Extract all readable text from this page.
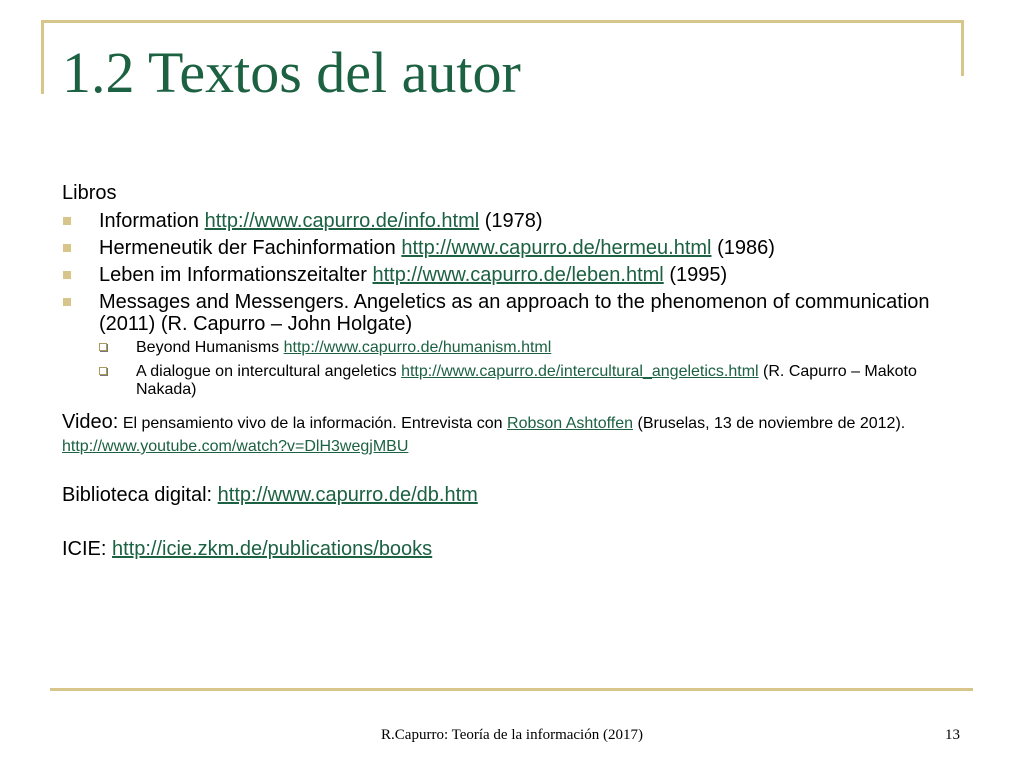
1.2 Textos del autor
Libros
Information http://www.capurro.de/info.html (1978)
Hermeneutik der Fachinformation http://www.capurro.de/hermeu.html (1986)
Leben im Informationszeitalter http://www.capurro.de/leben.html (1995)
Messages and Messengers. Angeletics as an approach to the phenomenon of communication (2011) (R. Capurro – John Holgate)
Beyond Humanisms http://www.capurro.de/humanism.html
A dialogue on intercultural angeletics http://www.capurro.de/intercultural_angeletics.html (R. Capurro – Makoto Nakada)
Video: El pensamiento vivo de la información. Entrevista con Robson Ashtoffen (Bruselas, 13 de noviembre de 2012).
http://www.youtube.com/watch?v=DlH3wegjMBU
Biblioteca digital: http://www.capurro.de/db.htm
ICIE: http://icie.zkm.de/publications/books
R.Capurro: Teoría de la información (2017)	13
